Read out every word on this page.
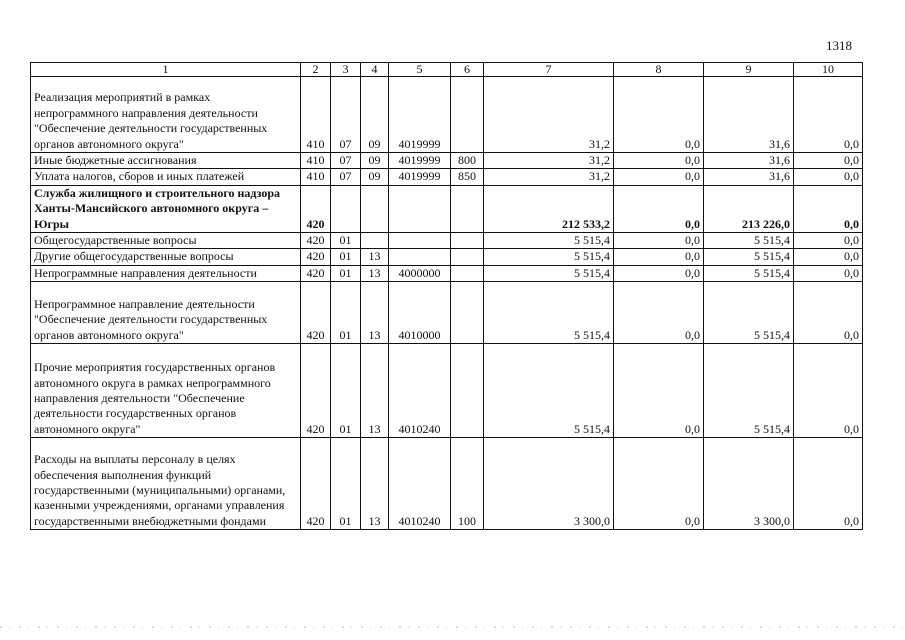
1318
1	2	3	4	5	6	7	8	9	10
Реализация мероприятий в рамках непрограммного направления деятельности "Обеспечение деятельности государственных органов автономного округа"	410	07	09	4019999		31,2	0,0	31,6	0,0
Иные бюджетные ассигнования	410	07	09	4019999	800	31,2	0,0	31,6	0,0
Уплата налогов, сборов и иных платежей	410	07	09	4019999	850	31,2	0,0	31,6	0,0
Служба жилищного и строительного надзора Ханты-Мансийского автономного округа – Югры	420					212 533,2	0,0	213 226,0	0,0
Общегосударственные вопросы	420	01				5 515,4	0,0	5 515,4	0,0
Другие общегосударственные вопросы	420	01	13			5 515,4	0,0	5 515,4	0,0
Непрограммные направления деятельности	420	01	13	4000000		5 515,4	0,0	5 515,4	0,0
Непрограммное направление деятельности "Обеспечение деятельности государственных органов автономного округа"	420	01	13	4010000		5 515,4	0,0	5 515,4	0,0
Прочие мероприятия государственных органов автономного округа в рамках непрограммного направления деятельности "Обеспечение деятельности государственных органов автономного округа"	420	01	13	4010240		5 515,4	0,0	5 515,4	0,0
Расходы на выплаты персоналу в целях обеспечения выполнения функций государственными (муниципальными) органами, казенными учреждениями, органами управления государственными внебюджетными фондами	420	01	13	4010240	100	3 300,0	0,0	3 300,0	0,0
